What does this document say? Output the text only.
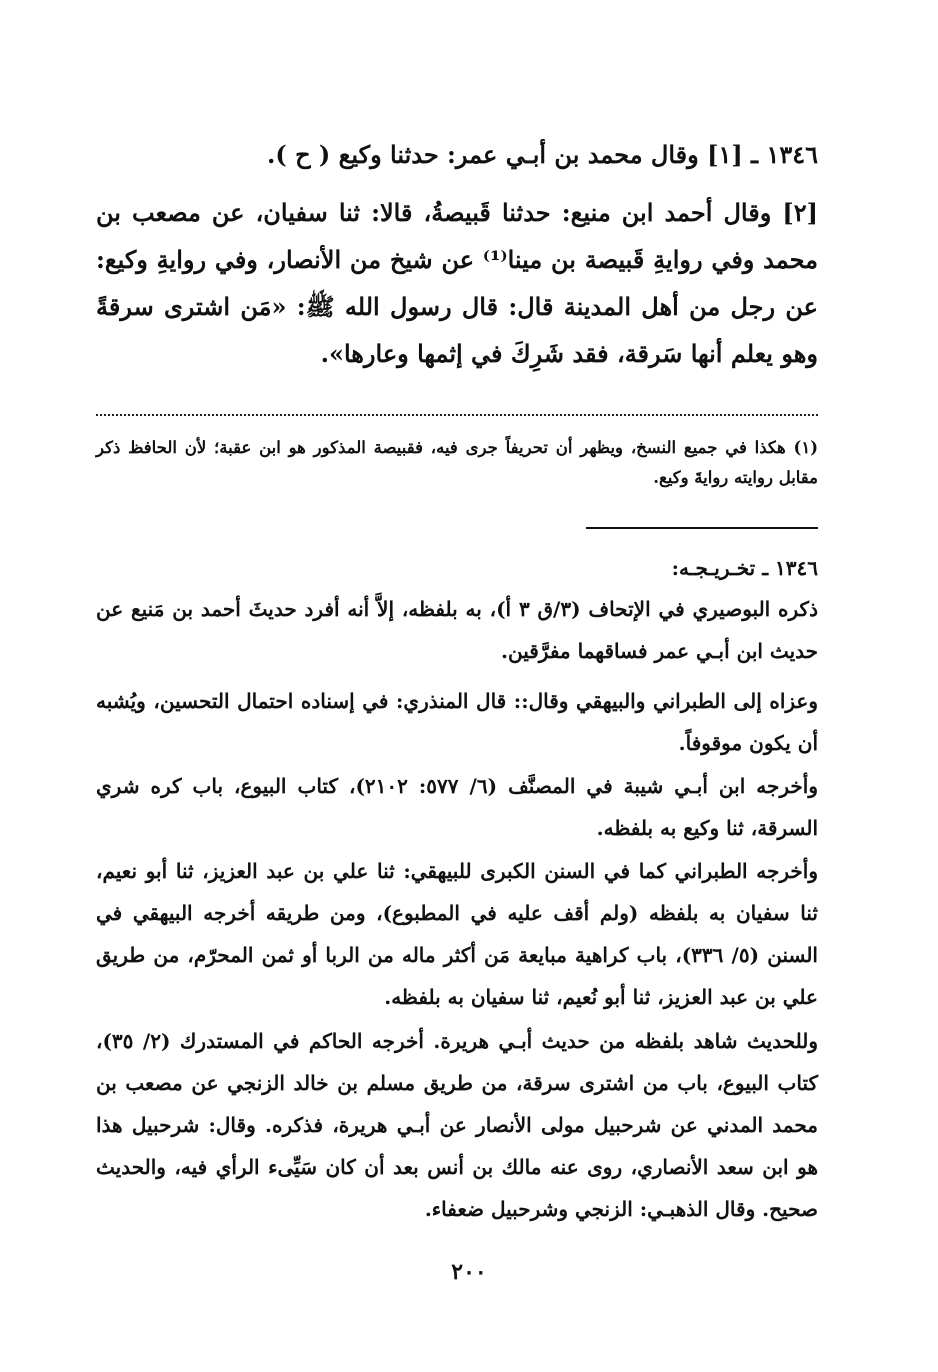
١٣٤٦ ـ [١] وقال محمد بن أبـي عمر: حدثنا وكيع ( ح ).
[٢] وقال أحمد ابن منيع: حدثنا قَبيصةُ، قالا: ثنا سفيان، عن مصعب بن محمد وفي روايةِ قَبيصة بن مينا⁽¹⁾ عن شيخ من الأنصار، وفي روايةِ وكيع: عن رجل من أهل المدينة قال: قال رسول الله ﷺ: «مَن اشترى سرقةً وهو يعلم أنها سَرقة، فقد شَرِكَ في إثمها وعارها».
(١) هكذا في جميع النسخ، ويظهر أن تحريفاً جرى فيه، فقبيصة المذكور هو ابن عقبة؛ لأن الحافظ ذكر مقابل روايته روايةَ وكيع.
١٣٤٦ ـ تخـريـجـه:
ذكره البوصيري في الإتحاف (٣/ق ٣ أ)، به بلفظه، إلاَّ أنه أفرد حديثَ أحمد بن مَنيع عن حديث ابن أبـي عمر فساقهما مفرَّقين.
وعزاه إلى الطبراني والبيهقي وقال:: قال المنذري: في إسناده احتمال التحسين، ويُشبه أن يكون موقوفاً.
وأخرجه ابن أبـي شيبة في المصنَّف (٦/ ٥٧٧: ٢١٠٢)، كتاب البيوع، باب كره شري السرقة، ثنا وكيع به بلفظه.
وأخرجه الطبراني كما في السنن الكبرى للبيهقي: ثنا علي بن عبد العزيز، ثنا أبو نعيم، ثنا سفيان به بلفظه (ولم أقف عليه في المطبوع)، ومن طريقه أخرجه البيهقي في السنن (٥/ ٣٣٦)، باب كراهية مبايعة مَن أكثر ماله من الربا أو ثمن المحرّم، من طريق علي بن عبد العزيز، ثنا أبو نُعيم، ثنا سفيان به بلفظه.
وللحديث شاهد بلفظه من حديث أبـي هريرة. أخرجه الحاكم في المستدرك (٢/ ٣٥)، كتاب البيوع، باب من اشترى سرقة، من طريق مسلم بن خالد الزنجي عن مصعب بن محمد المدني عن شرحبيل مولى الأنصار عن أبـي هريرة، فذكره. وقال: شرحبيل هذا هو ابن سعد الأنصاري، روى عنه مالك بن أنس بعد أن كان سَيِّىء الرأي فيه، والحديث صحيح. وقال الذهبـي: الزنجي وشرحبيل ضعفاء.
٢٠٠
